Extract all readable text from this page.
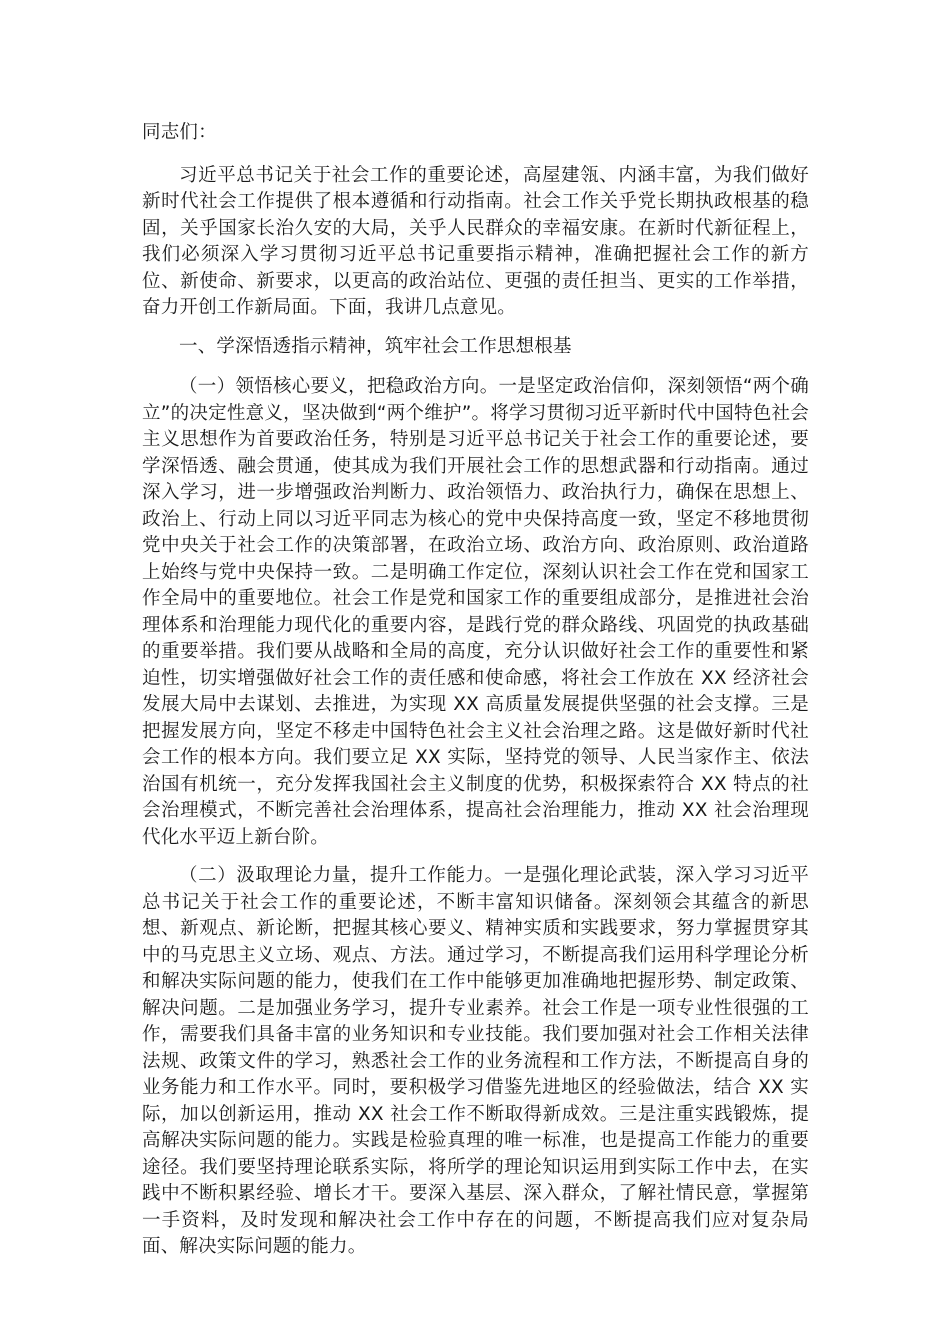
同志们：

习近平总书记关于社会工作的重要论述，高屋建瓴、内涵丰富，为我们做好新时代社会工作提供了根本遵循和行动指南。社会工作关乎党长期执政根基的稳固，关乎国家长治久安的大局，关乎人民群众的幸福安康。在新时代新征程上，我们必须深入学习贯彻习近平总书记重要指示精神，准确把握社会工作的新方位、新使命、新要求，以更高的政治站位、更强的责任担当、更实的工作举措，奋力开创工作新局面。下面，我讲几点意见。

一、学深悟透指示精神，筑牢社会工作思想根基

（一）领悟核心要义，把稳政治方向。一是坚定政治信仰，深刻领悟“两个确立”的决定性意义，坚决做到“两个维护”。将学习贯彻习近平新时代中国特色社会主义思想作为首要政治任务，特别是习近平总书记关于社会工作的重要论述，要学深悟透、融会贯通，使其成为我们开展社会工作的思想武器和行动指南。通过深入学习，进一步增强政治判断力、政治领悟力、政治执行力，确保在思想上、政治上、行动上同以习近平同志为核心的党中央保持高度一致，坚定不移地贯彻党中央关于社会工作的决策部署，在政治立场、政治方向、政治原则、政治道路上始终与党中央保持一致。二是明确工作定位，深刻认识社会工作在党和国家工作全局中的重要地位。社会工作是党和国家工作的重要组成部分，是推进社会治理体系和治理能力现代化的重要内容，是践行党的群众路线、巩固党的执政基础的重要举措。我们要从战略和全局的高度，充分认识做好社会工作的重要性和紧迫性，切实增强做好社会工作的责任感和使命感，将社会工作放在 XX 经济社会发展大局中去谋划、去推进，为实现 XX 高质量发展提供坚强的社会支撑。三是把握发展方向，坚定不移走中国特色社会主义社会治理之路。这是做好新时代社会工作的根本方向。我们要立足 XX 实际，坚持党的领导、人民当家作主、依法治国有机统一，充分发挥我国社会主义制度的优势，积极探索符合 XX 特点的社会治理模式，不断完善社会治理体系，提高社会治理能力，推动 XX 社会治理现代化水平迈上新台阶。

（二）汲取理论力量，提升工作能力。一是强化理论武装，深入学习习近平总书记关于社会工作的重要论述，不断丰富知识储备。深刻领会其蕴含的新思想、新观点、新论断，把握其核心要义、精神实质和实践要求，努力掌握贯穿其中的马克思主义立场、观点、方法。通过学习，不断提高我们运用科学理论分析和解决实际问题的能力，使我们在工作中能够更加准确地把握形势、制定政策、解决问题。二是加强业务学习，提升专业素养。社会工作是一项专业性很强的工作，需要我们具备丰富的业务知识和专业技能。我们要加强对社会工作相关法律法规、政策文件的学习，熟悉社会工作的业务流程和工作方法，不断提高自身的业务能力和工作水平。同时，要积极学习借鉴先进地区的经验做法，结合 XX 实际，加以创新运用，推动 XX 社会工作不断取得新成效。三是注重实践锻炼，提高解决实际问题的能力。实践是检验真理的唯一标准，也是提高工作能力的重要途径。我们要坚持理论联系实际，将所学的理论知识运用到实际工作中去，在实践中不断积累经验、增长才干。要深入基层、深入群众，了解社情民意，掌握第一手资料，及时发现和解决社会工作中存在的问题，不断提高我们应对复杂局面、解决实际问题的能力。
